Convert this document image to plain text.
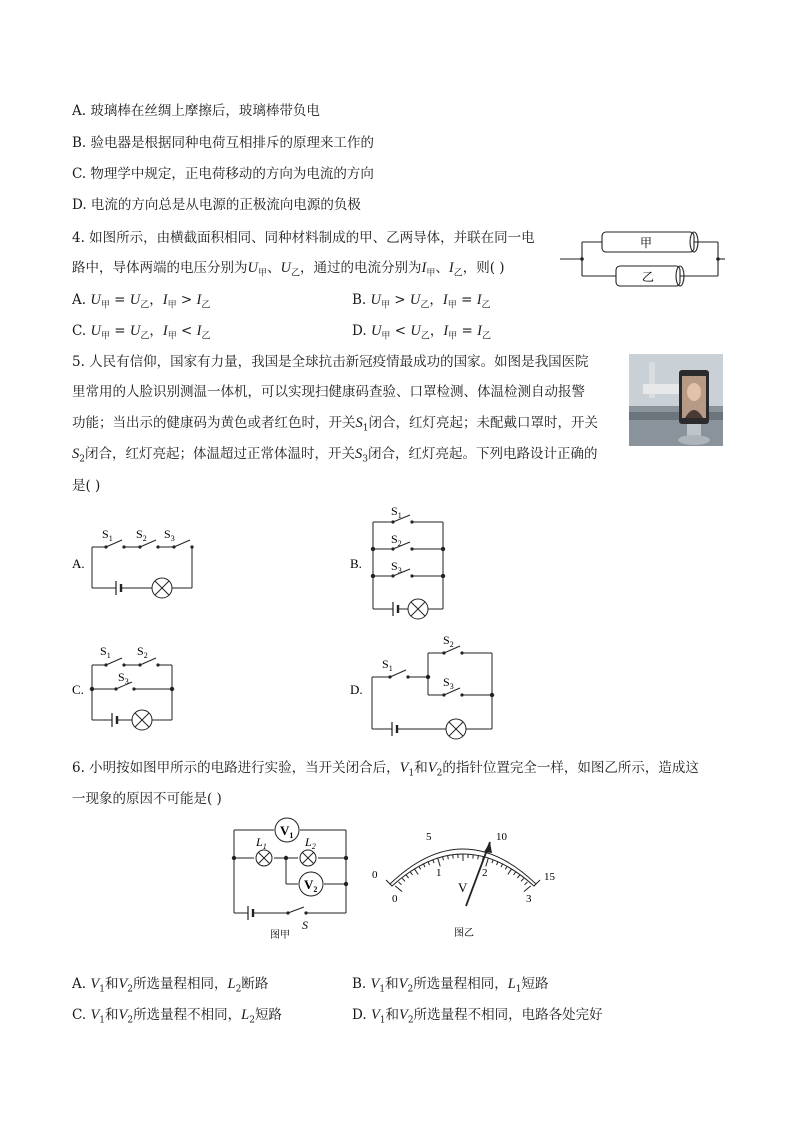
A. 玻璃棒在丝绸上摩擦后，玻璃棒带负电
B. 验电器是根据同种电荷互相排斥的原理来工作的
C. 物理学中规定，正电荷移动的方向为电流的方向
D. 电流的方向总是从电源的正极流向电源的负极
4. 如图所示，由横截面积相同、同种材料制成的甲、乙两导体，并联在同一电
路中，导体两端的电压分别为$U_甲$、$U_乙$，通过的电流分别为$I_甲$、$I_乙$，则( )
A. $U_甲 = U_乙$，$I_甲 > I_乙$	B. $U_甲 > U_乙$，$I_甲 = I_乙$
C. $U_甲 = U_乙$，$I_甲 < I_乙$	D. $U_甲 < U_乙$，$I_甲 = I_乙$
甲
乙
5. 人民有信仰，国家有力量，我国是全球抗击新冠疫情最成功的国家。如图是我国医院
里常用的人脸识别测温一体机，可以实现扫健康码查验、口罩检测、体温检测自动报警
功能；当出示的健康码为黄色或者红色时，开关$S_1$闭合，红灯亮起；未配戴口罩时，开关
$S_2$闭合，红灯亮起；体温超过正常体温时，开关$S_3$闭合，红灯亮起。下列电路设计正确的
是( )
A.	B.
C.	D.
$S_1$ $S_2$ $S_3$
$S_1$
$S_2$
$S_3$
$S_1$ $S_2$
$S_3$
$S_1$
$S_2$
$S_3$
6. 小明按如图甲所示的电路进行实验，当开关闭合后，$V_1$和$V_2$的指针位置完全一样，如图乙所示，造成这
一现象的原因不可能是( )
$V_1$
$V_2$
$L_1$	$L_2$
S
图甲
0
5	10
15
0
1	2
3
V
图乙
A. $V_1$和$V_2$所选量程相同，$L_2$断路	B. $V_1$和$V_2$所选量程相同，$L_1$短路
C. $V_1$和$V_2$所选量程不相同，$L_2$短路	D. $V_1$和$V_2$所选量程不相同，电路各处完好
